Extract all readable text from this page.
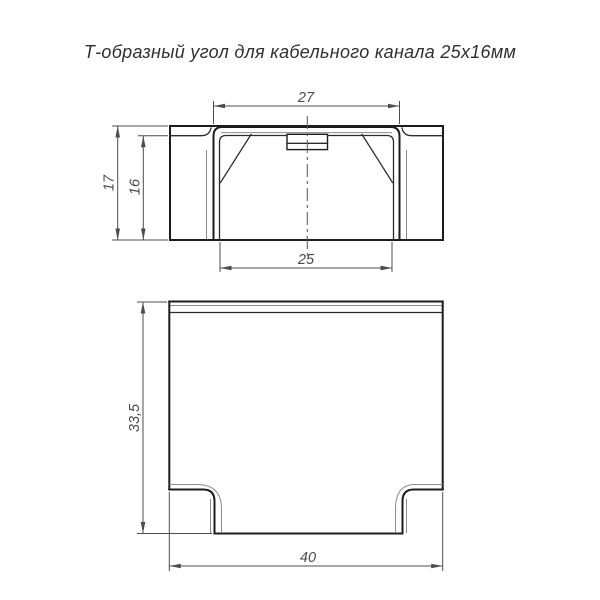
Т-образный угол для кабельного канала 25х16мм
27
17 16
25
33,5
40
